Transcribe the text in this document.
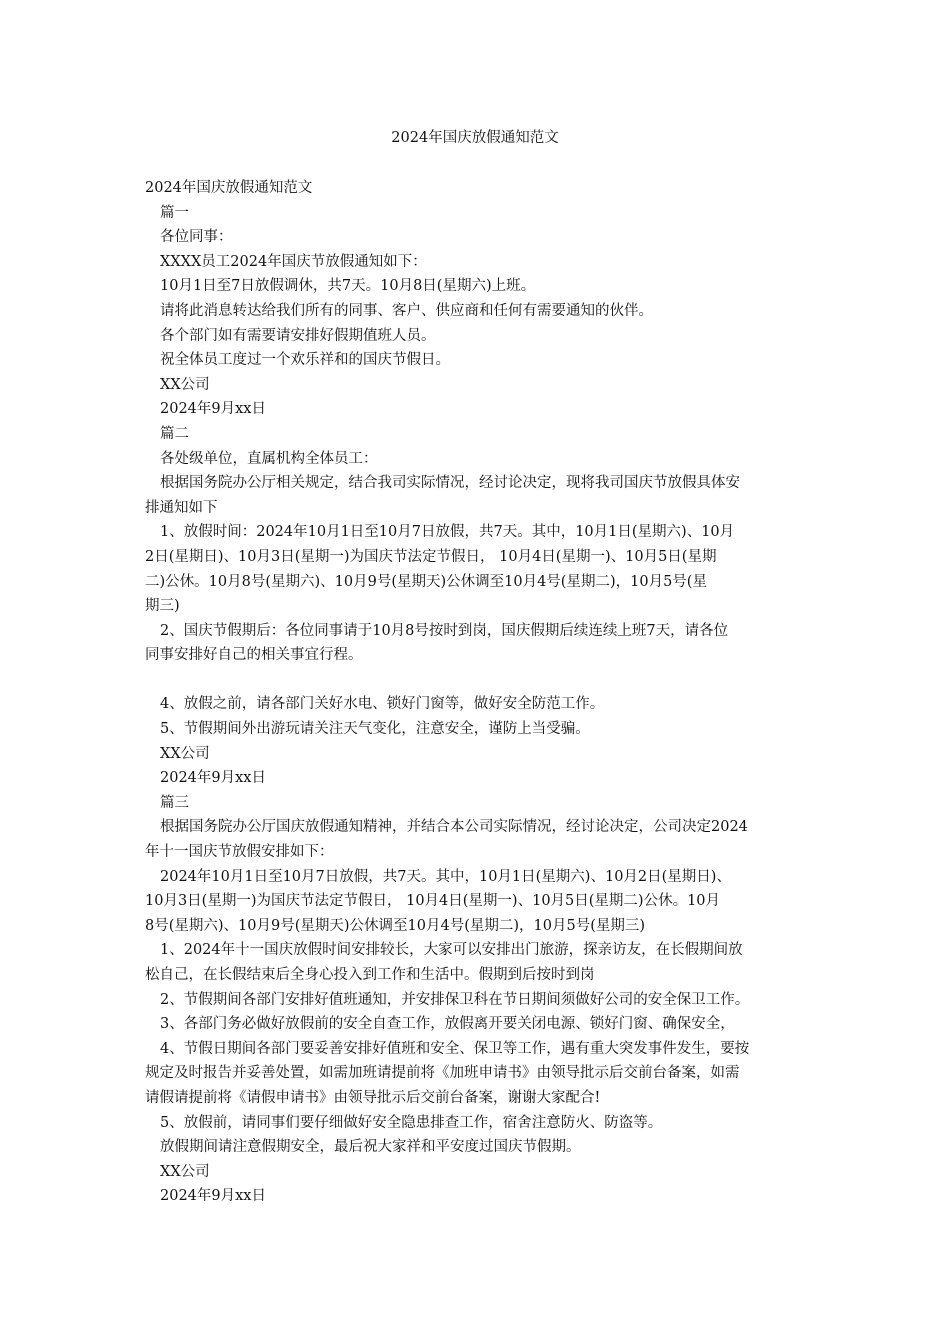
2024年国庆放假通知范文
2024年国庆放假通知范文
篇一
各位同事：
XXXX员工2024年国庆节放假通知如下：
10月1日至7日放假调休，共7天。10月8日(星期六)上班。
请将此消息转达给我们所有的同事、客户、供应商和任何有需要通知的伙伴。
各个部门如有需要请安排好假期值班人员。
祝全体员工度过一个欢乐祥和的国庆节假日。
XX公司
2024年9月xx日
篇二
各处级单位，直属机构全体员工：
根据国务院办公厅相关规定，结合我司实际情况，经讨论决定，现将我司国庆节放假具体安
排通知如下
1、放假时间：2024年10月1日至10月7日放假，共7天。其中，10月1日(星期六)、10月
2日(星期日)、10月3日(星期一)为国庆节法定节假日， 10月4日(星期一)、10月5日(星期
二)公休。10月8号(星期六)、10月9号(星期天)公休调至10月4号(星期二)，10月5号(星
期三)
2、国庆节假期后：各位同事请于10月8号按时到岗，国庆假期后续连续上班7天，请各位
同事安排好自己的相关事宜行程。
4、放假之前，请各部门关好水电、锁好门窗等，做好安全防范工作。
5、节假期间外出游玩请关注天气变化，注意安全，谨防上当受骗。
XX公司
2024年9月xx日
篇三
根据国务院办公厅国庆放假通知精神，并结合本公司实际情况，经讨论决定，公司决定2024
年十一国庆节放假安排如下：
2024年10月1日至10月7日放假，共7天。其中，10月1日(星期六)、10月2日(星期日)、
10月3日(星期一)为国庆节法定节假日， 10月4日(星期一)、10月5日(星期二)公休。10月
8号(星期六)、10月9号(星期天)公休调至10月4号(星期二)，10月5号(星期三)
1、2024年十一国庆放假时间安排较长，大家可以安排出门旅游，探亲访友，在长假期间放
松自己，在长假结束后全身心投入到工作和生活中。假期到后按时到岗
2、节假期间各部门安排好值班通知，并安排保卫科在节日期间须做好公司的安全保卫工作。
3、各部门务必做好放假前的安全自查工作，放假离开要关闭电源、锁好门窗、确保安全，
4、节假日期间各部门要妥善安排好值班和安全、保卫等工作，遇有重大突发事件发生，要按
规定及时报告并妥善处置，如需加班请提前将《加班申请书》由领导批示后交前台备案，如需
请假请提前将《请假申请书》由领导批示后交前台备案，谢谢大家配合!
5、放假前，请同事们要仔细做好安全隐患排查工作，宿舍注意防火、防盗等。
放假期间请注意假期安全，最后祝大家祥和平安度过国庆节假期。
XX公司
2024年9月xx日
